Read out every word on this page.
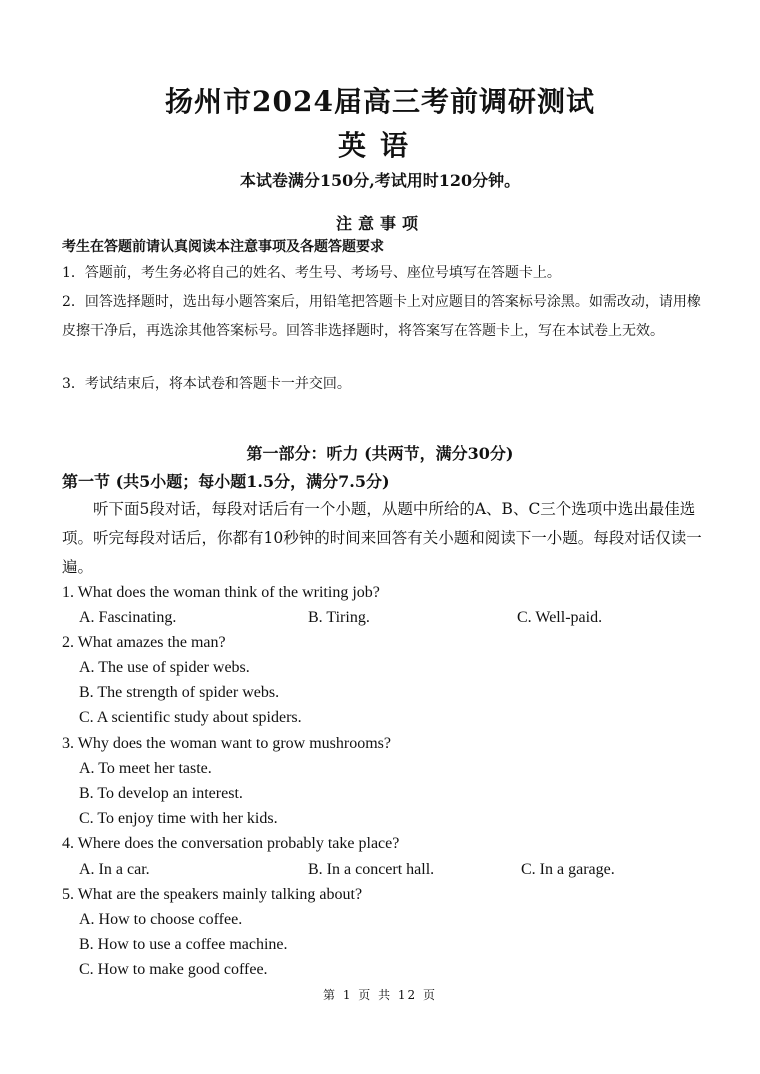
扬州市2024届高三考前调研测试
英语
本试卷满分150分,考试用时120分钟。
注意事项
考生在答题前请认真阅读本注意事项及各题答题要求
1．答题前，考生务必将自己的姓名、考生号、考场号、座位号填写在答题卡上。
2．回答选择题时，选出每小题答案后，用铅笔把答题卡上对应题目的答案标号涂黑。如需改动，请用橡皮擦干净后，再选涂其他答案标号。回答非选择题时，将答案写在答题卡上，写在本试卷上无效。
3．考试结束后，将本试卷和答题卡一并交回。
第一部分：听力 (共两节，满分30分)
第一节 (共5小题；每小题1.5分，满分7.5分)
听下面5段对话，每段对话后有一个小题，从题中所给的A、B、C三个选项中选出最佳选项。听完每段对话后，你都有10秒钟的时间来回答有关小题和阅读下一小题。每段对话仅读一遍。
1. What does the woman think of the writing job?
A. Fascinating.	B. Tiring.	C. Well-paid.
2. What amazes the man?
A. The use of spider webs.
B. The strength of spider webs.
C. A scientific study about spiders.
3. Why does the woman want to grow mushrooms?
A. To meet her taste.
B. To develop an interest.
C. To enjoy time with her kids.
4. Where does the conversation probably take place?
A. In a car.	B. In a concert hall.	C. In a garage.
5. What are the speakers mainly talking about?
A. How to choose coffee.
B. How to use a coffee machine.
C. How to make good coffee.
第 1 页 共 12 页
